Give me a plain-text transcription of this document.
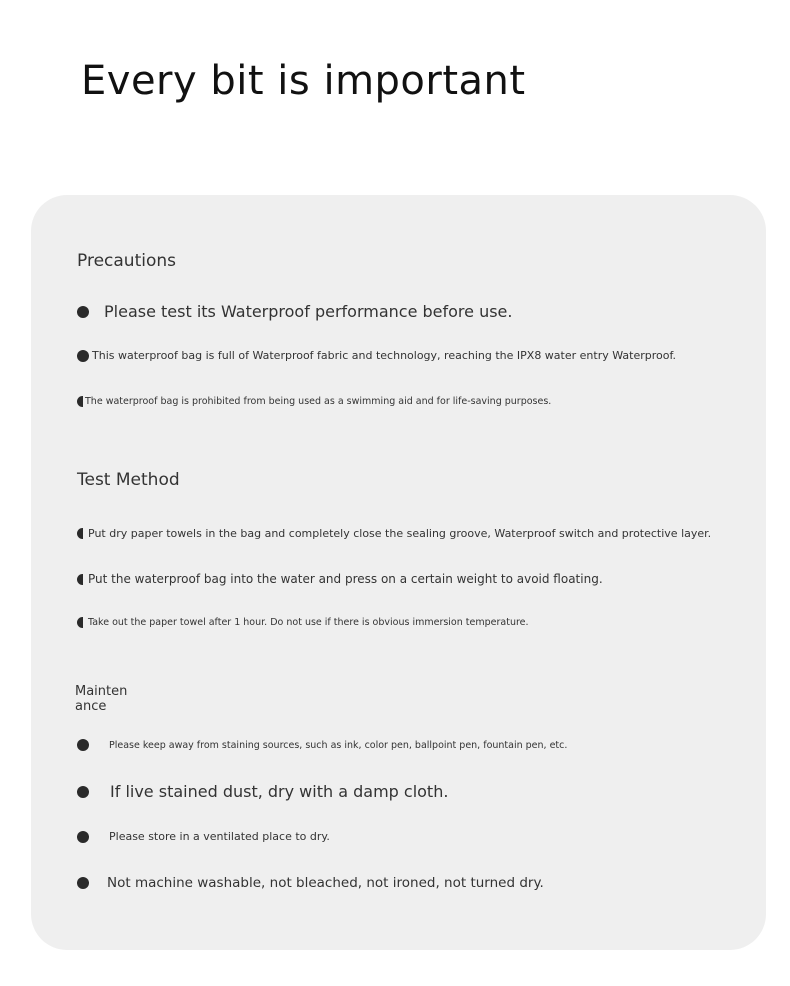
Every bit is important
Precautions
Please test its Waterproof performance before use.
This waterproof bag is full of Waterproof fabric and technology, reaching the IPX8 water entry Waterproof.
The waterproof bag is prohibited from being used as a swimming aid and for life-saving purposes.
Test Method
Put dry paper towels in the bag and completely close the sealing groove, Waterproof switch and protective layer.
Put the waterproof bag into the water and press on a certain weight to avoid floating.
Take out the paper towel after 1 hour. Do not use if there is obvious immersion temperature.
Mainten ance
Please keep away from staining sources, such as ink, color pen, ballpoint pen, fountain pen, etc.
If live stained dust, dry with a damp cloth.
Please store in a ventilated place to dry.
Not machine washable, not bleached, not ironed, not turned dry.
